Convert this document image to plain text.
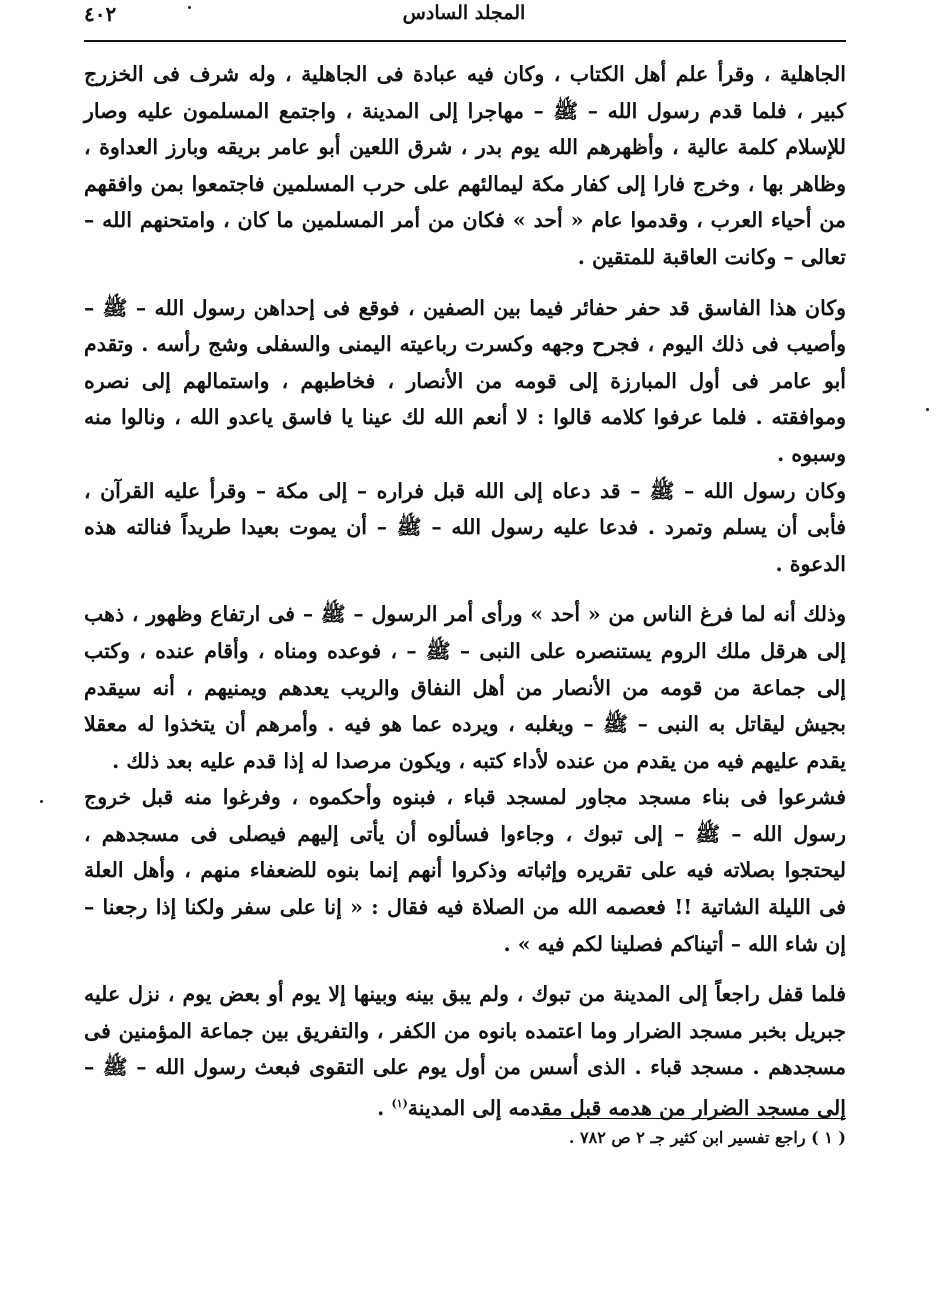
٤٠٢	المجلد السادس

الجاهلية ، وقرأ علم أهل الكتاب ، وكان فيه عبادة فى الجاهلية ، وله شرف فى الخزرج كبير ، فلما قدم رسول الله – ﷺ – مهاجرا إلى المدينة ، واجتمع المسلمون عليه وصار للإسلام كلمة عالية ، وأظهرهم الله يوم بدر ، شرق اللعين أبو عامر بريقه وبارز العداوة ، وظاهر بها ، وخرج فارا إلى كفار مكة ليمالئهم على حرب المسلمين فاجتمعوا بمن وافقهم من أحياء العرب ، وقدموا عام « أحد » فكان من أمر المسلمين ما كان ، وامتحنهم الله – تعالى – وكانت العاقبة للمتقين .

وكان هذا الفاسق قد حفر حفائر فيما بين الصفين ، فوقع فى إحداهن رسول الله – ﷺ – وأصيب فى ذلك اليوم ، فجرح وجهه وكسرت رباعيته اليمنى والسفلى وشج رأسه . وتقدم أبو عامر فى أول المبارزة إلى قومه من الأنصار ، فخاطبهم ، واستمالهم إلى نصره وموافقته . فلما عرفوا كلامه قالوا : لا أنعم الله لك عينا يا فاسق ياعدو الله ، ونالوا منه وسبوه .

وكان رسول الله – ﷺ – قد دعاه إلى الله قبل فراره – إلى مكة – وقرأ عليه القرآن ، فأبى أن يسلم وتمرد . فدعا عليه رسول الله – ﷺ – أن يموت بعيدا طريداً فنالته هذه الدعوة .

وذلك أنه لما فرغ الناس من « أحد » ورأى أمر الرسول – ﷺ – فى ارتفاع وظهور ، ذهب إلى هرقل ملك الروم يستنصره على النبى – ﷺ – ، فوعده ومناه ، وأقام عنده ، وكتب إلى جماعة من قومه من الأنصار من أهل النفاق والريب يعدهم ويمنيهم ، أنه سيقدم بجيش ليقاتل به النبى – ﷺ – ويغلبه ، ويرده عما هو فيه . وأمرهم أن يتخذوا له معقلا يقدم عليهم فيه من يقدم من عنده لأداء كتبه ، ويكون مرصدا له إذا قدم عليه بعد ذلك .

فشرعوا فى بناء مسجد مجاور لمسجد قباء ، فبنوه وأحكموه ، وفرغوا منه قبل خروج رسول الله – ﷺ – إلى تبوك ، وجاءوا فسألوه أن يأتى إليهم فيصلى فى مسجدهم ، ليحتجوا بصلاته فيه على تقريره وإثباته وذكروا أنهم إنما بنوه للضعفاء منهم ، وأهل العلة فى الليلة الشاتية !! فعصمه الله من الصلاة فيه فقال : « إنا على سفر ولكنا إذا رجعنا – إن شاء الله – أتيناكم فصلينا لكم فيه » .

فلما قفل راجعاً إلى المدينة من تبوك ، ولم يبق بينه وبينها إلا يوم أو بعض يوم ، نزل عليه جبريل بخبر مسجد الضرار وما اعتمده بانوه من الكفر ، والتفريق بين جماعة المؤمنين فى مسجدهم . مسجد قباء . الذى أسس من أول يوم على التقوى فبعث رسول الله – ﷺ – إلى مسجد الضرار من هدمه قبل مقدمه إلى المدينة$^{(١)}$ .

( ١ ) راجع تفسير ابن كثير جـ ٢ ص ٧٨٢ .
